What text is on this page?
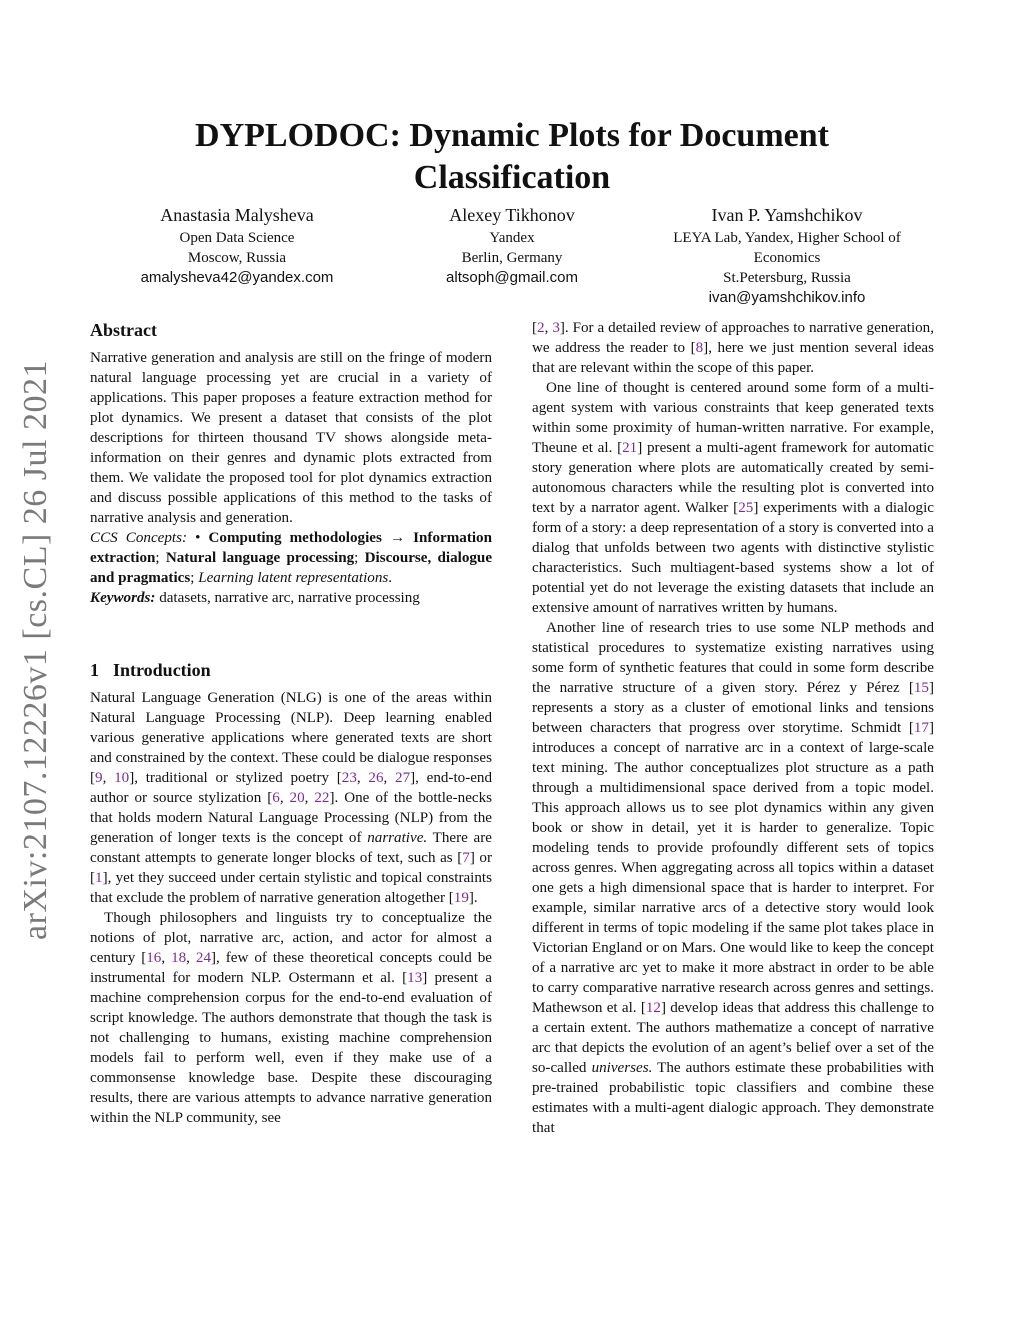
arXiv:2107.12226v1 [cs.CL] 26 Jul 2021
DYPLODOC: Dynamic Plots for Document Classification
Anastasia Malysheva
Open Data Science
Moscow, Russia
amalysheva42@yandex.com
Alexey Tikhonov
Yandex
Berlin, Germany
altsoph@gmail.com
Ivan P. Yamshchikov
LEYA Lab, Yandex, Higher School of Economics
St.Petersburg, Russia
ivan@yamshchikov.info
Abstract

Narrative generation and analysis are still on the fringe of modern natural language processing yet are crucial in a variety of applications. This paper proposes a feature extraction method for plot dynamics. We present a dataset that consists of the plot descriptions for thirteen thousand TV shows alongside meta-information on their genres and dynamic plots extracted from them. We validate the proposed tool for plot dynamics extraction and discuss possible applications of this method to the tasks of narrative analysis and generation.

CCS Concepts: • Computing methodologies → Information extraction; Natural language processing; Discourse, dialogue and pragmatics; Learning latent representations.

Keywords: datasets, narrative arc, narrative processing

1 Introduction

Natural Language Generation (NLG) is one of the areas within Natural Language Processing (NLP). Deep learning enabled various generative applications where generated texts are short and constrained by the context. These could be dialogue responses [9, 10], traditional or stylized poetry [23, 26, 27], end-to-end author or source stylization [6, 20, 22]. One of the bottle-necks that holds modern Natural Language Processing (NLP) from the generation of longer texts is the concept of narrative. There are constant attempts to generate longer blocks of text, such as [7] or [1], yet they succeed under certain stylistic and topical constraints that exclude the problem of narrative generation altogether [19].

Though philosophers and linguists try to conceptualize the notions of plot, narrative arc, action, and actor for almost a century [16, 18, 24], few of these theoretical concepts could be instrumental for modern NLP. Ostermann et al. [13] present a machine comprehension corpus for the end-to-end evaluation of script knowledge. The authors demonstrate that though the task is not challenging to humans, existing machine comprehension models fail to perform well, even if they make use of a commonsense knowledge base. Despite these discouraging results, there are various attempts to advance narrative generation within the NLP community, see

[2, 3]. For a detailed review of approaches to narrative generation, we address the reader to [8], here we just mention several ideas that are relevant within the scope of this paper.

One line of thought is centered around some form of a multi-agent system with various constraints that keep generated texts within some proximity of human-written narrative. For example, Theune et al. [21] present a multi-agent framework for automatic story generation where plots are automatically created by semi-autonomous characters while the resulting plot is converted into text by a narrator agent. Walker [25] experiments with a dialogic form of a story: a deep representation of a story is converted into a dialog that unfolds between two agents with distinctive stylistic characteristics. Such multiagent-based systems show a lot of potential yet do not leverage the existing datasets that include an extensive amount of narratives written by humans.

Another line of research tries to use some NLP methods and statistical procedures to systematize existing narratives using some form of synthetic features that could in some form describe the narrative structure of a given story. Pérez y Pérez [15] represents a story as a cluster of emotional links and tensions between characters that progress over storytime. Schmidt [17] introduces a concept of narrative arc in a context of large-scale text mining. The author conceptualizes plot structure as a path through a multidimensional space derived from a topic model. This approach allows us to see plot dynamics within any given book or show in detail, yet it is harder to generalize. Topic modeling tends to provide profoundly different sets of topics across genres. When aggregating across all topics within a dataset one gets a high dimensional space that is harder to interpret. For example, similar narrative arcs of a detective story would look different in terms of topic modeling if the same plot takes place in Victorian England or on Mars. One would like to keep the concept of a narrative arc yet to make it more abstract in order to be able to carry comparative narrative research across genres and settings. Mathewson et al. [12] develop ideas that address this challenge to a certain extent. The authors mathematize a concept of narrative arc that depicts the evolution of an agent’s belief over a set of the so-called universes. The authors estimate these probabilities with pre-trained probabilistic topic classifiers and combine these estimates with a multi-agent dialogic approach. They demonstrate that
